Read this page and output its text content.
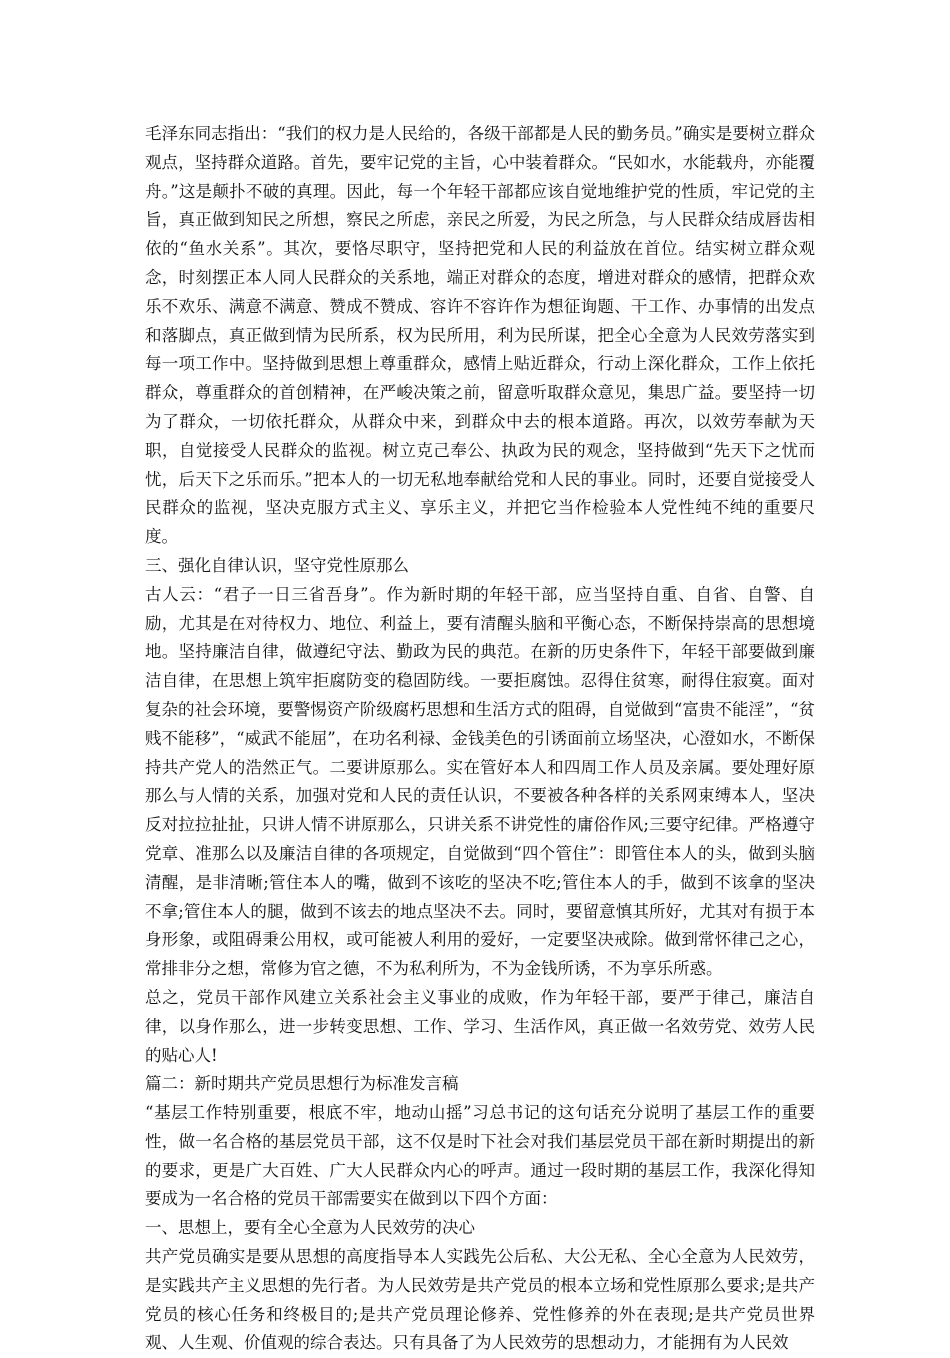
毛泽东同志指出：“我们的权力是人民给的，各级干部都是人民的勤务员。”确实是要树立群众观点，坚持群众道路。首先，要牢记党的主旨，心中装着群众。“民如水，水能载舟，亦能覆舟。”这是颠扑不破的真理。因此，每一个年轻干部都应该自觉地维护党的性质，牢记党的主旨，真正做到知民之所想，察民之所虑，亲民之所爱，为民之所急，与人民群众结成唇齿相依的“鱼水关系”。其次，要恪尽职守，坚持把党和人民的利益放在首位。结实树立群众观念，时刻摆正本人同人民群众的关系地，端正对群众的态度，增进对群众的感情，把群众欢乐不欢乐、满意不满意、赞成不赞成、容许不容许作为想征询题、干工作、办事情的出发点和落脚点，真正做到情为民所系，权为民所用，利为民所谋，把全心全意为人民效劳落实到每一项工作中。坚持做到思想上尊重群众，感情上贴近群众，行动上深化群众，工作上依托群众，尊重群众的首创精神，在严峻决策之前，留意听取群众意见，集思广益。要坚持一切为了群众，一切依托群众，从群众中来，到群众中去的根本道路。再次，以效劳奉献为天职，自觉接受人民群众的监视。树立克己奉公、执政为民的观念，坚持做到“先天下之忧而忧，后天下之乐而乐。”把本人的一切无私地奉献给党和人民的事业。同时，还要自觉接受人民群众的监视，坚决克服方式主义、享乐主义，并把它当作检验本人党性纯不纯的重要尺度。

三、强化自律认识，坚守党性原那么

古人云：“君子一日三省吾身”。作为新时期的年轻干部，应当坚持自重、自省、自警、自励，尤其是在对待权力、地位、利益上，要有清醒头脑和平衡心态，不断保持崇高的思想境地。坚持廉洁自律，做遵纪守法、勤政为民的典范。在新的历史条件下，年轻干部要做到廉洁自律，在思想上筑牢拒腐防变的稳固防线。一要拒腐蚀。忍得住贫寒，耐得住寂寞。面对复杂的社会环境，要警惕资产阶级腐朽思想和生活方式的阻碍，自觉做到“富贵不能淫”，“贫贱不能移”，“威武不能屈”，在功名利禄、金钱美色的引诱面前立场坚决，心澄如水，不断保持共产党人的浩然正气。二要讲原那么。实在管好本人和四周工作人员及亲属。要处理好原那么与人情的关系，加强对党和人民的责任认识，不要被各种各样的关系网束缚本人，坚决反对拉拉扯扯，只讲人情不讲原那么，只讲关系不讲党性的庸俗作风;三要守纪律。严格遵守党章、准那么以及廉洁自律的各项规定，自觉做到“四个管住”：即管住本人的头，做到头脑清醒，是非清晰;管住本人的嘴，做到不该吃的坚决不吃;管住本人的手，做到不该拿的坚决不拿;管住本人的腿，做到不该去的地点坚决不去。同时，要留意慎其所好，尤其对有损于本身形象，或阻碍秉公用权，或可能被人利用的爱好，一定要坚决戒除。做到常怀律己之心，常排非分之想，常修为官之德，不为私利所为，不为金钱所诱，不为享乐所惑。

总之，党员干部作风建立关系社会主义事业的成败，作为年轻干部，要严于律己，廉洁自律，以身作那么，进一步转变思想、工作、学习、生活作风，真正做一名效劳党、效劳人民的贴心人!

篇二：新时期共产党员思想行为标准发言稿

“基层工作特别重要，根底不牢，地动山摇”习总书记的这句话充分说明了基层工作的重要性，做一名合格的基层党员干部，这不仅是时下社会对我们基层党员干部在新时期提出的新的要求，更是广大百姓、广大人民群众内心的呼声。通过一段时期的基层工作，我深化得知要成为一名合格的党员干部需要实在做到以下四个方面：

一、思想上，要有全心全意为人民效劳的决心

共产党员确实是要从思想的高度指导本人实践先公后私、大公无私、全心全意为人民效劳，是实践共产主义思想的先行者。为人民效劳是共产党员的根本立场和党性原那么要求;是共产党员的核心任务和终极目的;是共产党员理论修养、党性修养的外在表现;是共产党员世界观、人生观、价值观的综合表达。只有具备了为人民效劳的思想动力，才能拥有为人民效
